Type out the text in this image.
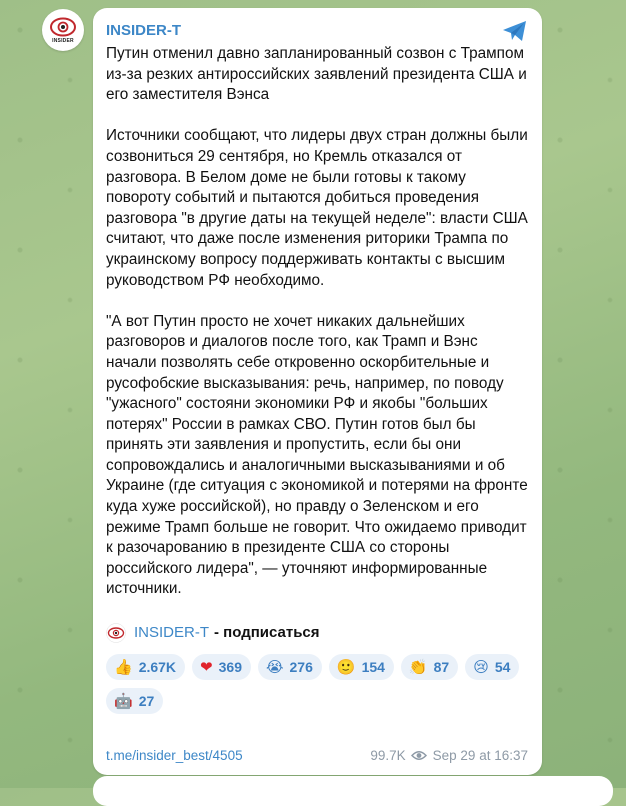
INSIDER
INSIDER-T

Путин отменил давно запланированный созвон с Трампом из-за резких антироссийских заявлений президента США и его заместителя Вэнса

Источники сообщают, что лидеры двух стран должны были созвониться 29 сентября, но Кремль отказался от разговора. В Белом доме не были готовы к такому повороту событий и пытаются добиться проведения разговора "в другие даты на текущей неделе": власти США считают, что даже после изменения риторики Трампа по украинскому вопросу поддерживать контакты с высшим руководством РФ необходимо.

"А вот Путин просто не хочет никаких дальнейших разговоров и диалогов после того, как Трамп и Вэнс начали позволять себе откровенно оскорбительные и русофобские высказывания: речь, например, по поводу "ужасного" состояни экономики РФ и якобы "больших потерях" России в рамках СВО. Путин готов был бы принять эти заявления и пропустить, если бы они сопровождались и аналогичными высказываниями и об Украине (где ситуация с экономикой и потерями на фронте куда хуже российской), но правду о Зеленском и его режиме Трамп больше не говорит. Что ожидаемо приводит к разочарованию в президенте США со стороны российского лидера", — уточняют информированные источники.

INSIDER-T - подписаться
👍 2.67K ❤ 369 😭 276 🙂 154 👏 87 😢 54
🤖 27
t.me/insider_best/4505	99.7K Sep 29 at 16:37
